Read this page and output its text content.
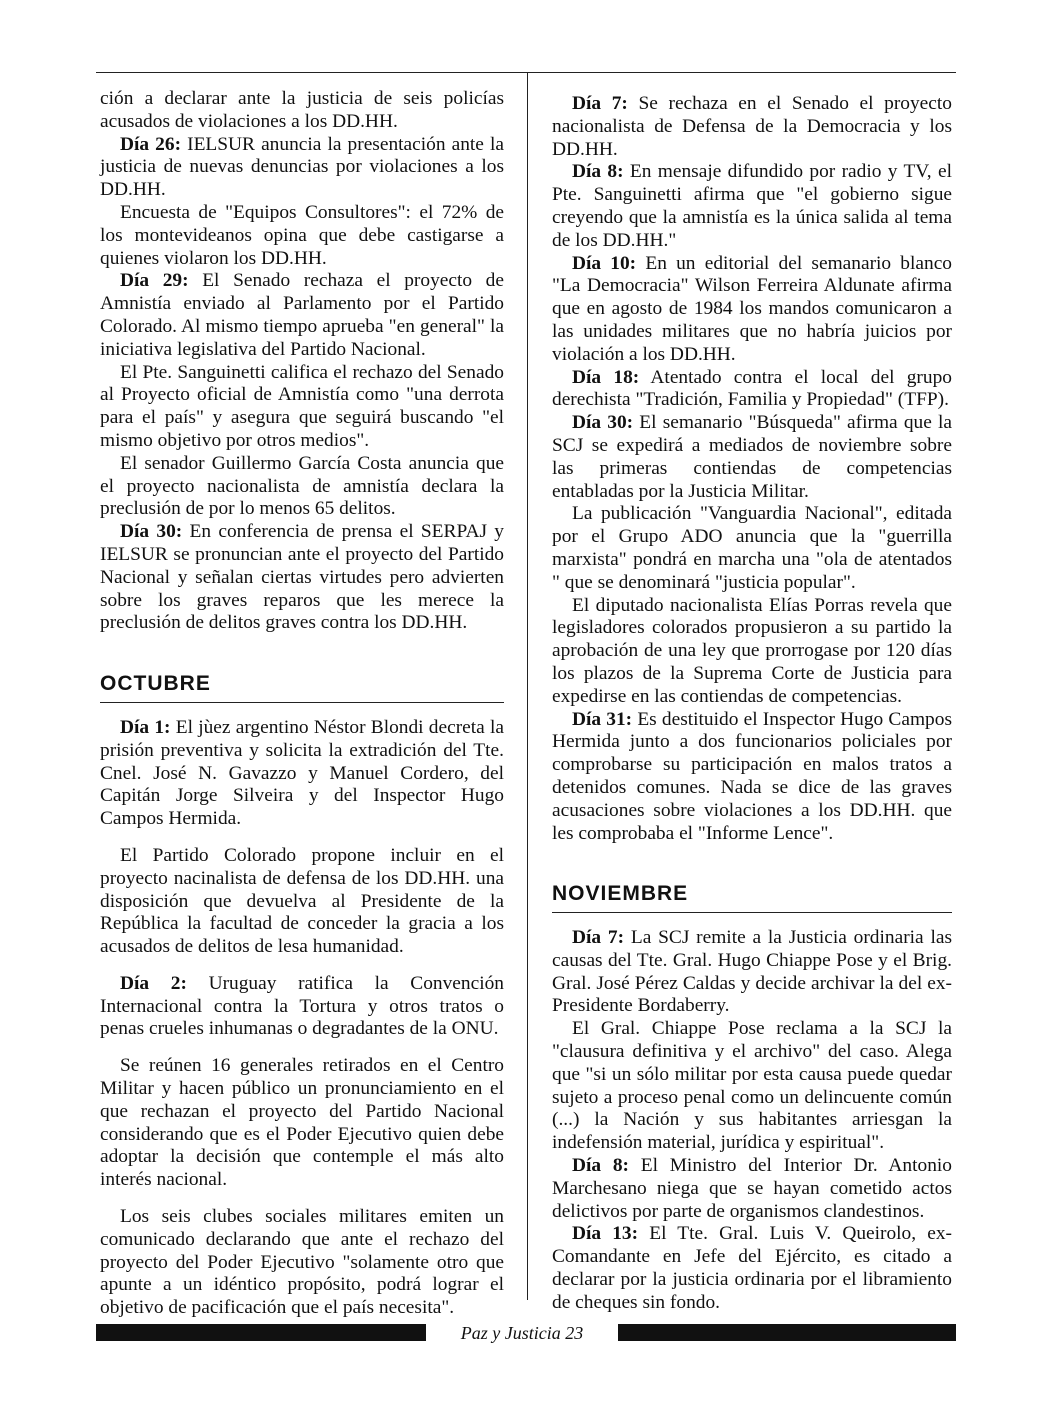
ción a declarar ante la justicia de seis policías acusados de violaciones a los DD.HH.

Día 26: IELSUR anuncia la presentación ante la justicia de nuevas denuncias por violaciones a los DD.HH.

Encuesta de "Equipos Consultores": el 72% de los montevideanos opina que debe castigarse a quienes violaron los DD.HH.

Día 29: El Senado rechaza el proyecto de Amnistía enviado al Parlamento por el Partido Colorado. Al mismo tiempo aprueba "en general" la iniciativa legislativa del Partido Nacional.

El Pte. Sanguinetti califica el rechazo del Senado al Proyecto oficial de Amnistía como "una derrota para el país" y asegura que seguirá buscando "el mismo objetivo por otros medios".

El senador Guillermo García Costa anuncia que el proyecto nacionalista de amnistía declara la preclusión de por lo menos 65 delitos.

Día 30: En conferencia de prensa el SERPAJ y IELSUR se pronuncian ante el proyecto del Partido Nacional y señalan ciertas virtudes pero advierten sobre los graves reparos que les merece la preclusión de delitos graves contra los DD.HH.

OCTUBRE

Día 1: El jùez argentino Néstor Blondi decreta la prisión preventiva y solicita la extradición del Tte. Cnel. José N. Gavazzo y Manuel Cordero, del Capitán Jorge Silveira y del Inspector Hugo Campos Hermida.

El Partido Colorado propone incluir en el proyecto nacinalista de defensa de los DD.HH. una disposición que devuelva al Presidente de la República la facultad de conceder la gracia a los acusados de delitos de lesa humanidad.

Día 2: Uruguay ratifica la Convención Internacional contra la Tortura y otros tratos o penas crueles inhumanas o degradantes de la ONU.

Se reúnen 16 generales retirados en el Centro Militar y hacen público un pronunciamiento en el que rechazan el proyecto del Partido Nacional considerando que es el Poder Ejecutivo quien debe adoptar la decisión que contemple el más alto interés nacional.

Los seis clubes sociales militares emiten un comunicado declarando que ante el rechazo del proyecto del Poder Ejecutivo "solamente otro que apunte a un idéntico propósito, podrá lograr el objetivo de pacificación que el país necesita".

Día 7: Se rechaza en el Senado el proyecto nacionalista de Defensa de la Democracia y los DD.HH.

Día 8: En mensaje difundido por radio y TV, el Pte. Sanguinetti afirma que "el gobierno sigue creyendo que la amnistía es la única salida al tema de los DD.HH."

Día 10: En un editorial del semanario blanco "La Democracia" Wilson Ferreira Aldunate afirma que en agosto de 1984 los mandos comunicaron a las unidades militares que no habría juicios por violación a los DD.HH.

Día 18: Atentado contra el local del grupo derechista "Tradición, Familia y Propiedad" (TFP).

Día 30: El semanario "Búsqueda" afirma que la SCJ se expedirá a mediados de noviembre sobre las primeras contiendas de competencias entabladas por la Justicia Militar.

La publicación "Vanguardia Nacional", editada por el Grupo ADO anuncia que la "guerrilla marxista" pondrá en marcha una "ola de atentados " que se denominará "justicia popular".

El diputado nacionalista Elías Porras revela que legisladores colorados propusieron a su partido la aprobación de una ley que prorrogase por 120 días los plazos de la Suprema Corte de Justicia para expedirse en las contiendas de competencias.

Día 31: Es destituido el Inspector Hugo Campos Hermida junto a dos funcionarios policiales por comprobarse su participación en malos tratos a detenidos comunes. Nada se dice de las graves acusaciones sobre violaciones a los DD.HH. que les comprobaba el "Informe Lence".

NOVIEMBRE

Día 7: La SCJ remite a la Justicia ordinaria las causas del Tte. Gral. Hugo Chiappe Pose y el Brig. Gral. José Pérez Caldas y decide archivar la del ex-Presidente Bordaberry.

El Gral. Chiappe Pose reclama a la SCJ la "clausura definitiva y el archivo" del caso. Alega que "si un sólo militar por esta causa puede quedar sujeto a proceso penal como un delincuente común (...) la Nación y sus habitantes arriesgan la indefensión material, jurídica y espiritual".

Día 8: El Ministro del Interior Dr. Antonio Marchesano niega que se hayan cometido actos delictivos por parte de organismos clandestinos.

Día 13: El Tte. Gral. Luis V. Queirolo, ex-Comandante en Jefe del Ejército, es citado a declarar por la justicia ordinaria por el libramiento de cheques sin fondo.

Paz y Justicia 23
